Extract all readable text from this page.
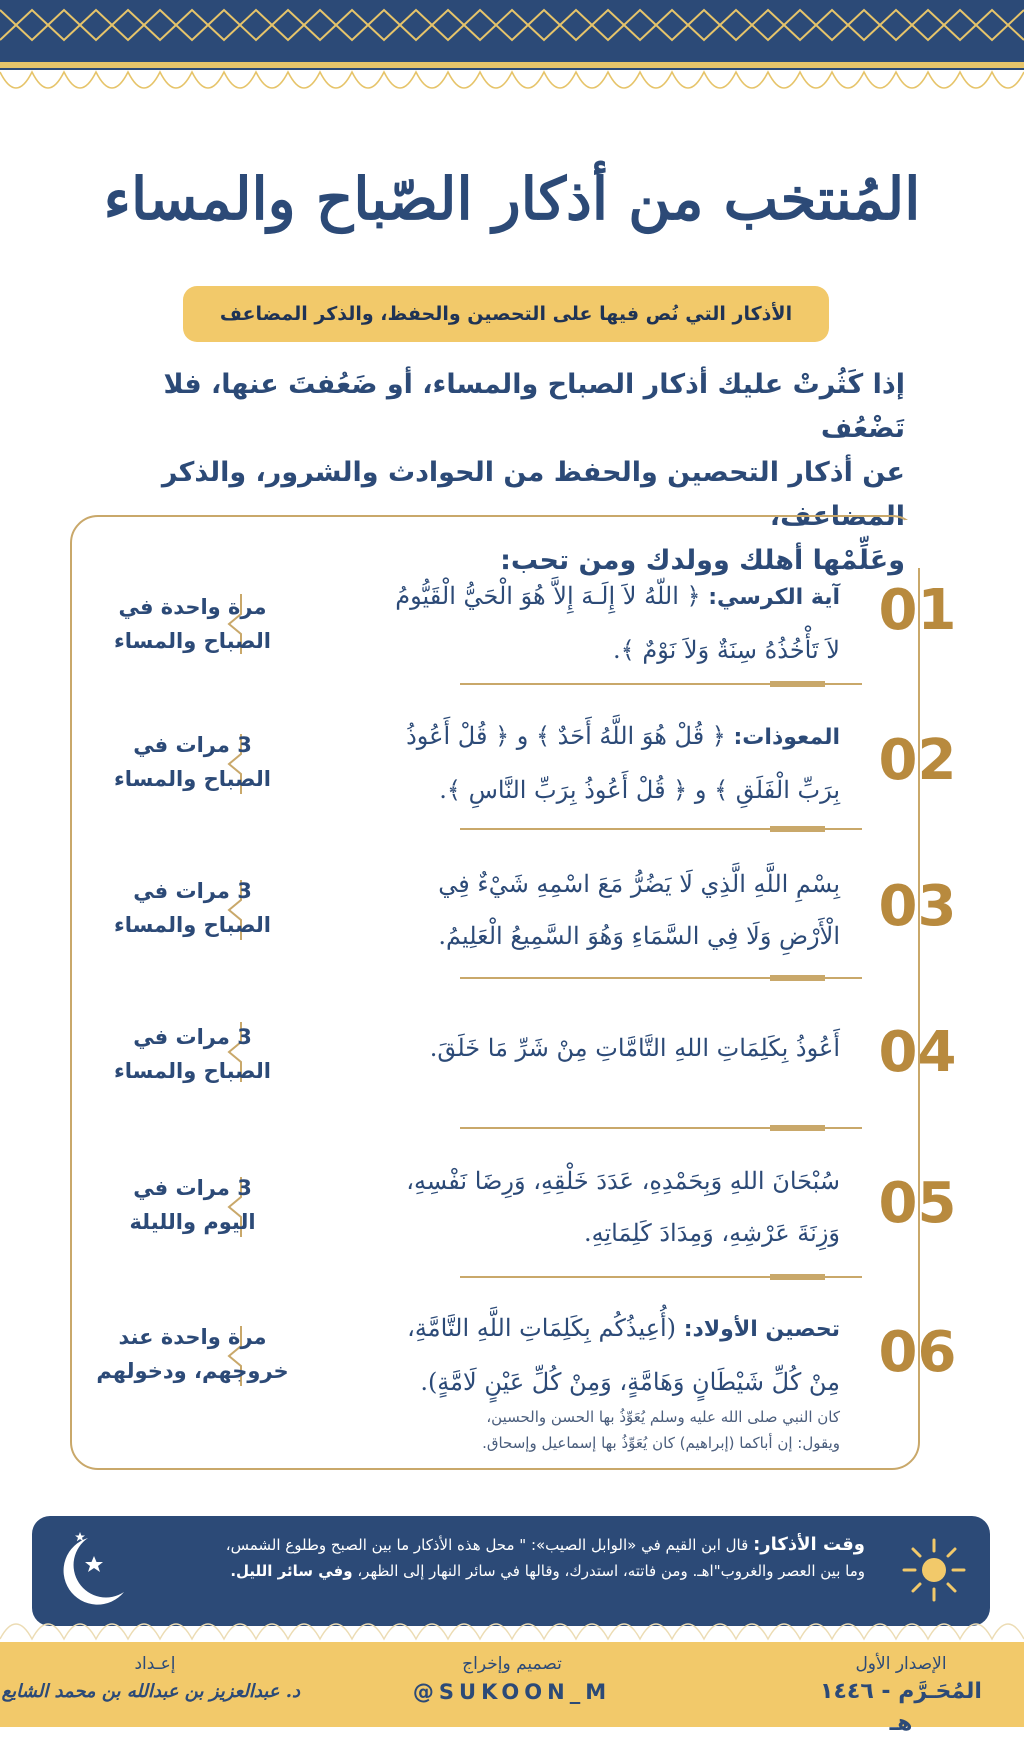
المُنتخب من أذكار الصّباح والمساء
الأذكار التي نُص فيها على التحصين والحفظ، والذكر المضاعف
إذا كَثُرتْ عليك أذكار الصباح والمساء، أو ضَعُفتَ عنها، فلا تَضْعُف
عن أذكار التحصين والحفظ من الحوادث والشرور، والذكر المضاعف،
وعَلِّمْها أهلك وولدك ومن تحب:
01
آية الكرسي: ﴿ اللّهُ لاَ إِلَـهَ إِلاَّ هُوَ الْحَيُّ الْقَيُّومُ
لاَ تَأْخُذُهُ سِنَةٌ وَلاَ نَوْمٌ ﴾.
مرة واحدة في
الصباح والمساء
02
المعوذات: ﴿ قُلْ هُوَ اللَّهُ أَحَدٌ ﴾ و ﴿ قُلْ أَعُوذُ
بِرَبِّ الْفَلَقِ ﴾ و ﴿ قُلْ أَعُوذُ بِرَبِّ النَّاسِ ﴾.
3 مرات في
الصباح والمساء
03
بِسْمِ اللَّهِ الَّذِي لَا يَضُرُّ مَعَ اسْمِهِ شَيْءٌ فِي
الْأَرْضِ وَلَا فِي السَّمَاءِ وَهُوَ السَّمِيعُ الْعَلِيمُ.
3 مرات في
الصباح والمساء
04
أَعُوذُ بِكَلِمَاتِ اللهِ التَّامَّاتِ مِنْ شَرِّ مَا خَلَقَ.
3 مرات في
الصباح والمساء
05
سُبْحَانَ اللهِ وَبِحَمْدِهِ، عَدَدَ خَلْقِهِ، وَرِضَا نَفْسِهِ،
وَزِنَةَ عَرْشِهِ، وَمِدَادَ كَلِمَاتِهِ.
3 مرات في
اليوم والليلة
06
تحصين الأولاد: (أُعِيذُكُم بِكَلِمَاتِ اللَّهِ التَّامَّةِ،
مِنْ كُلِّ شَيْطَانٍ وَهَامَّةٍ، وَمِنْ كُلِّ عَيْنٍ لَامَّةٍ).
كان النبي صلى الله عليه وسلم يُعَوِّذُ بها الحسن والحسين،
ويقول: إن أباكما (إبراهيم) كان يُعَوِّذُ بها إسماعيل وإسحاق.
مرة واحدة عند
خروجهم، ودخولهم
وقت الأذكار: قال ابن القيم في «الوابل الصيب»: " محل هذه الأذكار ما بين الصبح وطلوع الشمس،
وما بين العصر والغروب"اهـ. ومن فاتته، استدرك، وقالها في سائر النهار إلى الظهر، وفي سائر الليل.
الإصدار الأول
المُحَـرَّم - ١٤٤٦ هـ
تصميم وإخراج
@SUKOON_M
إعـداد
د. عبدالعزيز بن عبدالله بن محمد الشايع
